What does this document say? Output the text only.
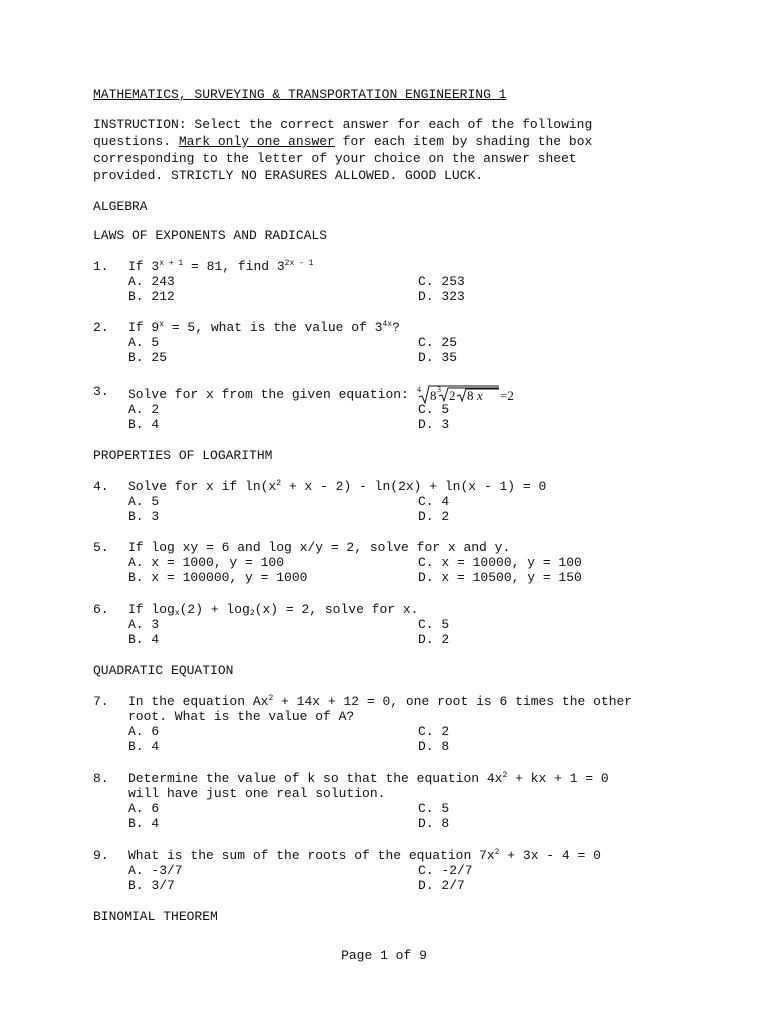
MATHEMATICS, SURVEYING & TRANSPORTATION ENGINEERING 1
INSTRUCTION: Select the correct answer for each of the following
questions. Mark only one answer for each item by shading the box
corresponding to the letter of your choice on the answer sheet
provided. STRICTLY NO ERASURES ALLOWED. GOOD LUCK.
ALGEBRA
LAWS OF EXPONENTS AND RADICALS
1.	If $3^{x + 1} = 81$, find $3^{2x - 1}$
A. 243	C. 253
B. 212	D. 323
2.	If $9^x = 5$, what is the value of $3^{4x}$?
A. 5	C. 25
B. 25	D. 35
3.	Solve for x from the given equation: 4 8 3 2 8 x =2
A. 2	C. 5
B. 4	D. 3
PROPERTIES OF LOGARITHM
4.	Solve for x if $\ln(x^2 + x - 2) - \ln(2x) + \ln(x - 1) = 0$
A. 5	C. 4
B. 3	D. 2
5.	If log xy = 6 and log x/y = 2, solve for x and y.
A. x = 1000, y = 100	C. x = 10000, y = 100
B. x = 100000, y = 1000	D. x = 10500, y = 150
6.	If $\log_x(2) + \log_2(x) = 2$, solve for x.
A. 3	C. 5
B. 4	D. 2
QUADRATIC EQUATION
7.	In the equation $Ax^2 + 14x + 12 = 0$, one root is 6 times the other
root. What is the value of A?
A. 6	C. 2
B. 4	D. 8
8.	Determine the value of k so that the equation $4x^2$ + kx + 1 = 0
will have just one real solution.
A. 6	C. 5
B. 4	D. 8
9.	What is the sum of the roots of the equation $7x^2 + 3x - 4 = 0$
A. -3/7	C. -2/7
B. 3/7	D. 2/7
BINOMIAL THEOREM
Page 1 of 9
